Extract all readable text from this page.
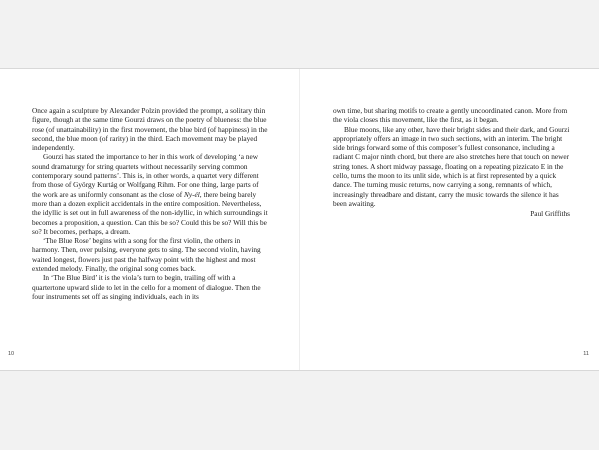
Once again a sculpture by Alexander Polzin provided the prompt, a solitary thin figure, though at the same time Gourzi draws on the poetry of blueness: the blue rose (of unattainability) in the first movement, the blue bird (of happiness) in the second, the blue moon (of rarity) in the third. Each movement may be played independently.

Gourzi has stated the importance to her in this work of developing ‘a new sound dramaturgy for string quartets without necessarily serving common contemporary sound patterns’. This is, in other words, a quartet very different from those of György Kurtág or Wolfgang Rihm. For one thing, large parts of the work are as uniformly consonant as the close of Ny-él, there being barely more than a dozen explicit accidentals in the entire composition. Nevertheless, the idyllic is set out in full awareness of the non-idyllic, in which surroundings it becomes a proposition, a question. Can this be so? Could this be so? Will this be so? It becomes, perhaps, a dream.

‘The Blue Rose’ begins with a song for the first violin, the others in harmony. Then, over pulsing, everyone gets to sing. The second violin, having waited longest, flowers just past the halfway point with the highest and most extended melody. Finally, the original song comes back.

In ‘The Blue Bird’ it is the viola’s turn to begin, trailing off with a quartertone upward slide to let in the cello for a moment of dialogue. Then the four instruments set off as singing individuals, each in its

10

own time, but sharing motifs to create a gently uncoordinated canon. More from the viola closes this movement, like the first, as it began.

Blue moons, like any other, have their bright sides and their dark, and Gourzi appropriately offers an image in two such sections, with an interim. The bright side brings forward some of this composer’s fullest consonance, including a radiant C major ninth chord, but there are also stretches here that touch on newer string tones. A short midway passage, floating on a repeating pizzicato E in the cello, turns the moon to its unlit side, which is at first represented by a quick dance. The turning music returns, now carrying a song, remnants of which, increasingly threadbare and distant, carry the music towards the silence it has been awaiting.

Paul Griffiths

11
